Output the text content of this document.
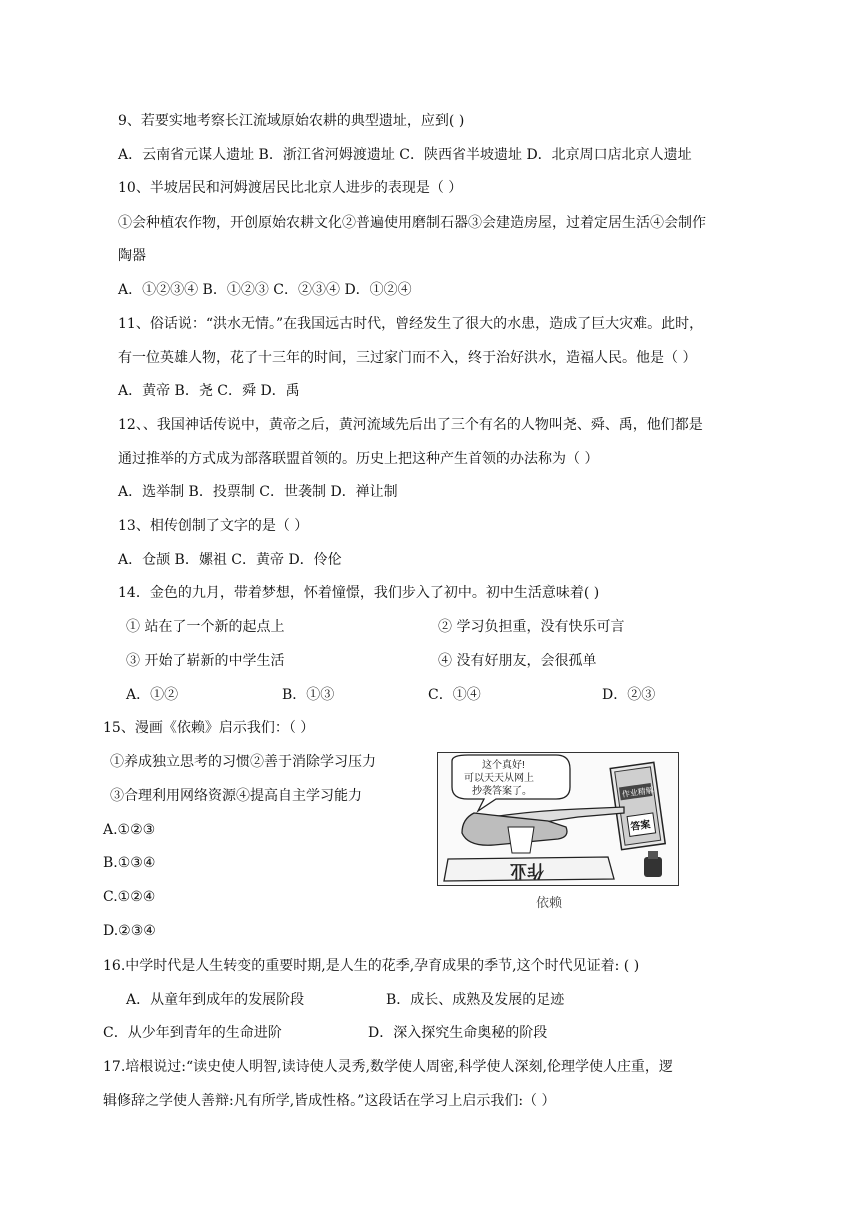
9、若要实地考察长江流域原始农耕的典型遗址，应到( )
A．云南省元谋人遗址 B．浙江省河姆渡遗址 C．陕西省半坡遗址 D．北京周口店北京人遗址
10、半坡居民和河姆渡居民比北京人进步的表现是（ ）
①会种植农作物，开创原始农耕文化②普遍使用磨制石器③会建造房屋，过着定居生活④会制作
陶器
A．①②③④ B．①②③ C．②③④ D．①②④
11、俗话说：“洪水无情。”在我国远古时代，曾经发生了很大的水患，造成了巨大灾难。此时，
有一位英雄人物，花了十三年的时间，三过家门而不入，终于治好洪水，造福人民。他是（ ）
A．黄帝 B．尧 C．舜 D．禹
12、、我国神话传说中，黄帝之后，黄河流域先后出了三个有名的人物叫尧、舜、禹，他们都是
通过推举的方式成为部落联盟首领的。历史上把这种产生首领的办法称为（ ）
A．选举制 B．投票制 C．世袭制 D．禅让制
13、相传创制了文字的是（ ）
A．仓颉 B．嫘祖 C．黄帝 D．伶伦
14．金色的九月，带着梦想，怀着憧憬，我们步入了初中。初中生活意味着( )
① 站在了一个新的起点上	② 学习负担重，没有快乐可言
③ 开始了崭新的中学生活	④ 没有好朋友，会很孤单
A．①②	B．①③	C．①④	D．②③
15、漫画《依赖》启示我们：（ ）
①养成独立思考的习惯②善于消除学习压力
③合理利用网络资源④提高自主学习能力
A.①②③
B.①③④
C.①②④
D.②③④
这个真好!
可以天天从网上
抄袭答案了。	作业精解
答案
作业
依赖
16.中学时代是人生转变的重要时期,是人生的花季,孕育成果的季节,这个时代见证着: ( )
A．从童年到成年的发展阶段	B．成长、成熟及发展的足迹
C．从少年到青年的生命进阶	D．深入探究生命奥秘的阶段
17.培根说过:“读史使人明智,读诗使人灵秀,数学使人周密,科学使人深刻,伦理学使人庄重，逻
辑修辞之学使人善辩:凡有所学,皆成性格。”这段话在学习上启示我们:（ ）
